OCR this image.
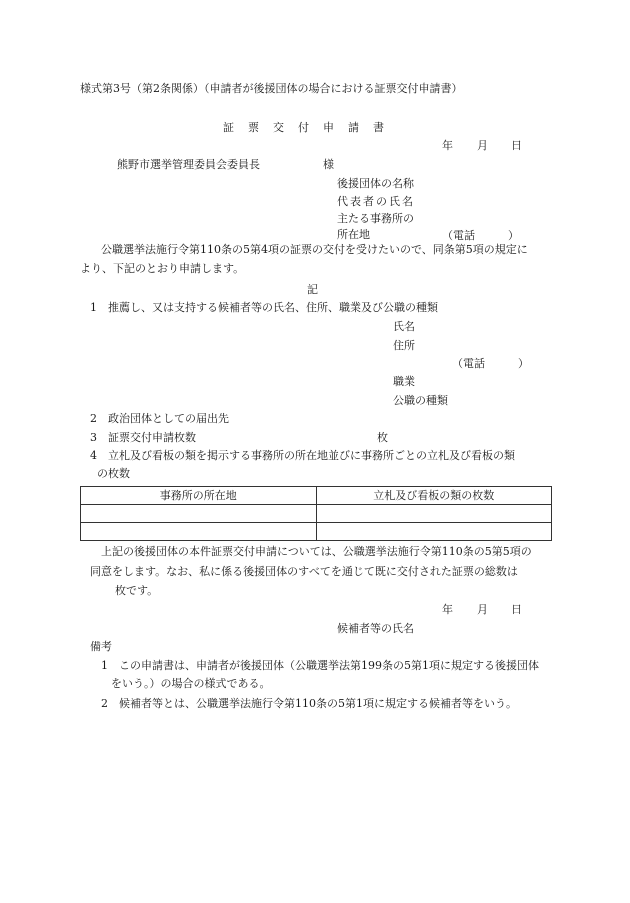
様式第3号（第2条関係）（申請者が後援団体の場合における証票交付申請書）
証票交付申請書
年 月 日
熊野市選挙管理委員会委員長	様
後援団体の名称
代表者の氏名
主たる事務所の
所在地	（電話　　　）
公職選挙法施行令第110条の5第4項の証票の交付を受けたいので、同条第5項の規定に
より、下記のとおり申請します。
記
1　推薦し、又は支持する候補者等の氏名、住所、職業及び公職の種類
氏名
住所
（電話　　　）
職業
公職の種類
2　政治団体としての届出先
3　証票交付申請枚数	枚
4　立札及び看板の類を掲示する事務所の所在地並びに事務所ごとの立札及び看板の類
の枚数
事務所の所在地	立札及び看板の類の枚数

上記の後援団体の本件証票交付申請については、公職選挙法施行令第110条の5第5項の
同意をします。なお、私に係る後援団体のすべてを通じて既に交付された証票の総数は
枚です。
年 月 日
候補者等の氏名
備考
1　この申請書は、申請者が後援団体（公職選挙法第199条の5第1項に規定する後援団体
をいう。）の場合の様式である。
2　候補者等とは、公職選挙法施行令第110条の5第1項に規定する候補者等をいう。
